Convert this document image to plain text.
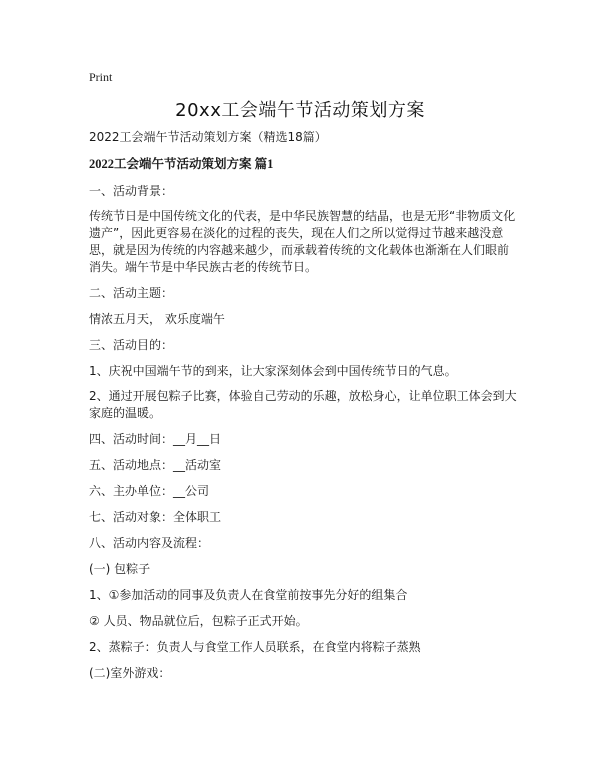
Print
20xx工会端午节活动策划方案

2022工会端午节活动策划方案（精选18篇）

2022工会端午节活动策划方案 篇1

一、活动背景：

传统节日是中国传统文化的代表，是中华民族智慧的结晶，也是无形“非物质文化遗产”，因此更容易在淡化的过程的丧失，现在人们之所以觉得过节越来越没意思，就是因为传统的内容越来越少，而承载着传统的文化载体也渐渐在人们眼前消失。端午节是中华民族古老的传统节日。

二、活动主题：

情浓五月天， 欢乐度端午

三、活动目的：

1、庆祝中国端午节的到来，让大家深刻体会到中国传统节日的气息。

2、通过开展包粽子比赛，体验自己劳动的乐趣，放松身心，让单位职工体会到大家庭的温暖。

四、活动时间：__月__日

五、活动地点：__活动室

六、主办单位：__公司

七、活动对象：全体职工

八、活动内容及流程：

(一) 包粽子

1、①参加活动的同事及负责人在食堂前按事先分好的组集合

② 人员、物品就位后，包粽子正式开始。

2、蒸粽子：负责人与食堂工作人员联系，在食堂内将粽子蒸熟

(二)室外游戏：
